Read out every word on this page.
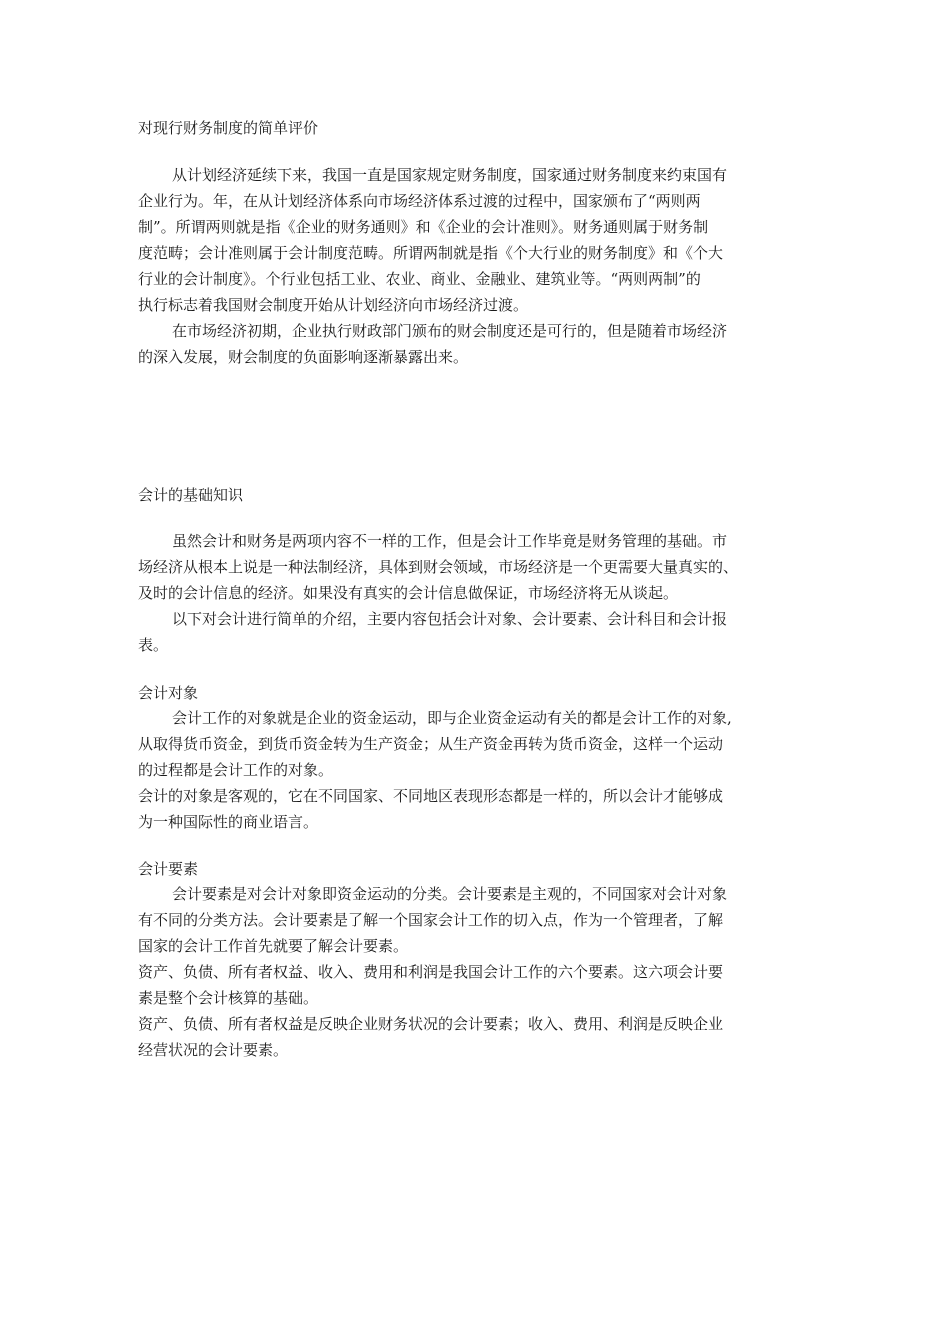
对现行财务制度的简单评价
从计划经济延续下来，我国一直是国家规定财务制度，国家通过财务制度来约束国有
企业行为。年，在从计划经济体系向市场经济体系过渡的过程中，国家颁布了“两则两
制”。所谓两则就是指《企业的财务通则》和《企业的会计准则》。财务通则属于财务制
度范畴；会计准则属于会计制度范畴。所谓两制就是指《个大行业的财务制度》和《个大
行业的会计制度》。个行业包括工业、农业、商业、金融业、建筑业等。“两则两制”的
执行标志着我国财会制度开始从计划经济向市场经济过渡。
在市场经济初期，企业执行财政部门颁布的财会制度还是可行的，但是随着市场经济
的深入发展，财会制度的负面影响逐渐暴露出来。
会计的基础知识
虽然会计和财务是两项内容不一样的工作，但是会计工作毕竟是财务管理的基础。市
场经济从根本上说是一种法制经济，具体到财会领域，市场经济是一个更需要大量真实的、
及时的会计信息的经济。如果没有真实的会计信息做保证，市场经济将无从谈起。
以下对会计进行简单的介绍，主要内容包括会计对象、会计要素、会计科目和会计报
表。
会计对象
会计工作的对象就是企业的资金运动，即与企业资金运动有关的都是会计工作的对象,
从取得货币资金，到货币资金转为生产资金；从生产资金再转为货币资金，这样一个运动
的过程都是会计工作的对象。
会计的对象是客观的，它在不同国家、不同地区表现形态都是一样的，所以会计才能够成
为一种国际性的商业语言。
会计要素
会计要素是对会计对象即资金运动的分类。会计要素是主观的，不同国家对会计对象
有不同的分类方法。会计要素是了解一个国家会计工作的切入点，作为一个管理者，了解
国家的会计工作首先就要了解会计要素。
资产、负债、所有者权益、收入、费用和利润是我国会计工作的六个要素。这六项会计要
素是整个会计核算的基础。
资产、负债、所有者权益是反映企业财务状况的会计要素；收入、费用、利润是反映企业
经营状况的会计要素。
